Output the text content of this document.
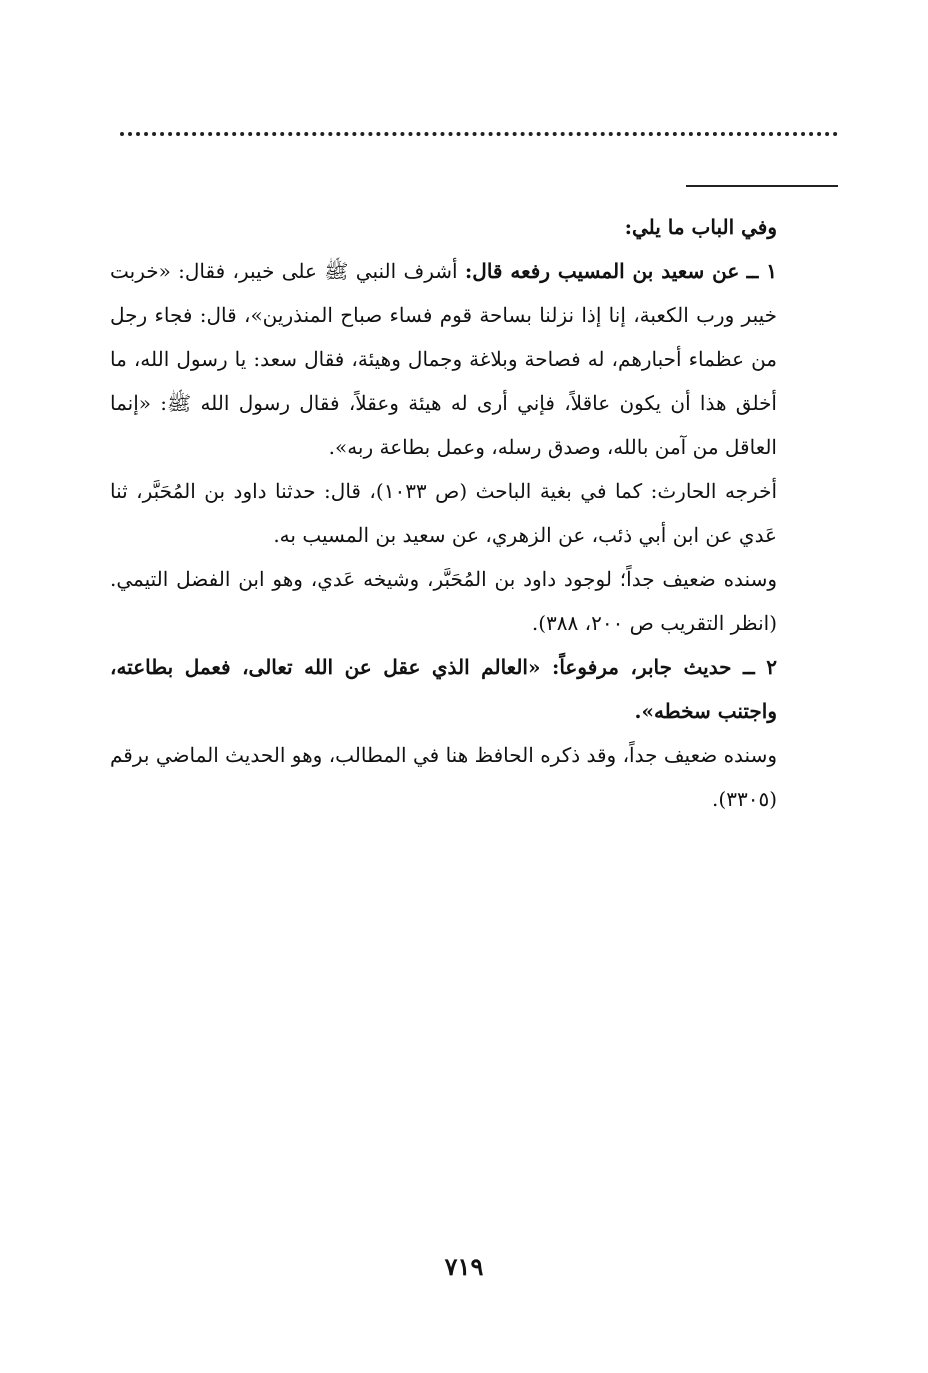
وفي الباب ما يلي:

١ ــ عن سعيد بن المسيب رفعه قال: أشرف النبي ﷺ على خيبر، فقال: «خربت خيبر ورب الكعبة، إنا إذا نزلنا بساحة قوم فساء صباح المنذرين»، قال: فجاء رجل من عظماء أحبارهم، له فصاحة وبلاغة وجمال وهيئة، فقال سعد: يا رسول الله، ما أخلق هذا أن يكون عاقلاً، فإني أرى له هيئة وعقلاً، فقال رسول الله ﷺ: «إنما العاقل من آمن بالله، وصدق رسله، وعمل بطاعة ربه».

أخرجه الحارث: كما في بغية الباحث (ص ١٠٣٣)، قال: حدثنا داود بن المُحَبَّر، ثنا عَدي عن ابن أبي ذئب، عن الزهري، عن سعيد بن المسيب به.

وسنده ضعيف جداً؛ لوجود داود بن المُحَبَّر، وشيخه عَدي، وهو ابن الفضل التيمي. (انظر التقريب ص ٢٠٠، ٣٨٨).

٢ ــ حديث جابر، مرفوعاً: «العالم الذي عقل عن الله تعالى، فعمل بطاعته، واجتنب سخطه».

وسنده ضعيف جداً، وقد ذكره الحافظ هنا في المطالب، وهو الحديث الماضي برقم (٣٣٠٥).

٧١٩
